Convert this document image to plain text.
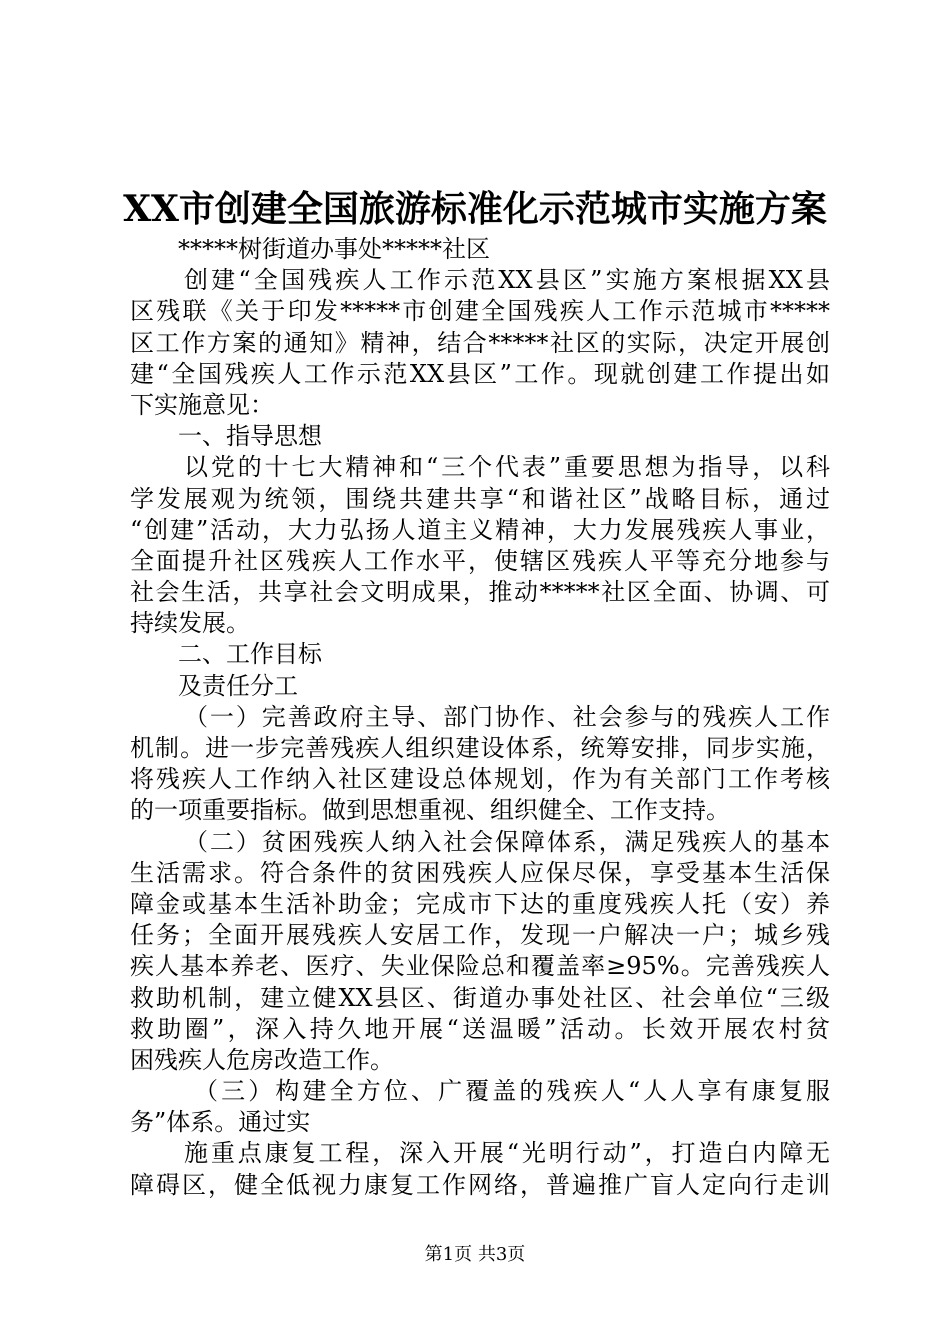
XX市创建全国旅游标准化示范城市实施方案
*****树街道办事处*****社区
创建“全国残疾人工作示范XX县区”实施方案根据XX县
区残联《关于印发*****市创建全国残疾人工作示范城市*****
区工作方案的通知》精神，结合*****社区的实际，决定开展创
建“全国残疾人工作示范XX县区”工作。现就创建工作提出如
下实施意见：
一、指导思想
以党的十七大精神和“三个代表”重要思想为指导，以科
学发展观为统领，围绕共建共享“和谐社区”战略目标，通过
“创建”活动，大力弘扬人道主义精神，大力发展残疾人事业，
全面提升社区残疾人工作水平，使辖区残疾人平等充分地参与
社会生活，共享社会文明成果，推动*****社区全面、协调、可
持续发展。
二、工作目标
及责任分工
（一）完善政府主导、部门协作、社会参与的残疾人工作
机制。进一步完善残疾人组织建设体系，统筹安排，同步实施，
将残疾人工作纳入社区建设总体规划，作为有关部门工作考核
的一项重要指标。做到思想重视、组织健全、工作支持。
（二）贫困残疾人纳入社会保障体系，满足残疾人的基本
生活需求。符合条件的贫困残疾人应保尽保，享受基本生活保
障金或基本生活补助金；完成市下达的重度残疾人托（安）养
任务；全面开展残疾人安居工作，发现一户解决一户；城乡残
疾人基本养老、医疗、失业保险总和覆盖率≥95%。完善残疾人
救助机制，建立健XX县区、街道办事处社区、社会单位“三级
救助圈”，深入持久地开展“送温暖”活动。长效开展农村贫
困残疾人危房改造工作。
（三）构建全方位、广覆盖的残疾人“人人享有康复服
务”体系。通过实
施重点康复工程，深入开展“光明行动”，打造白内障无
障碍区，健全低视力康复工作网络，普遍推广盲人定向行走训
第1页 共3页
